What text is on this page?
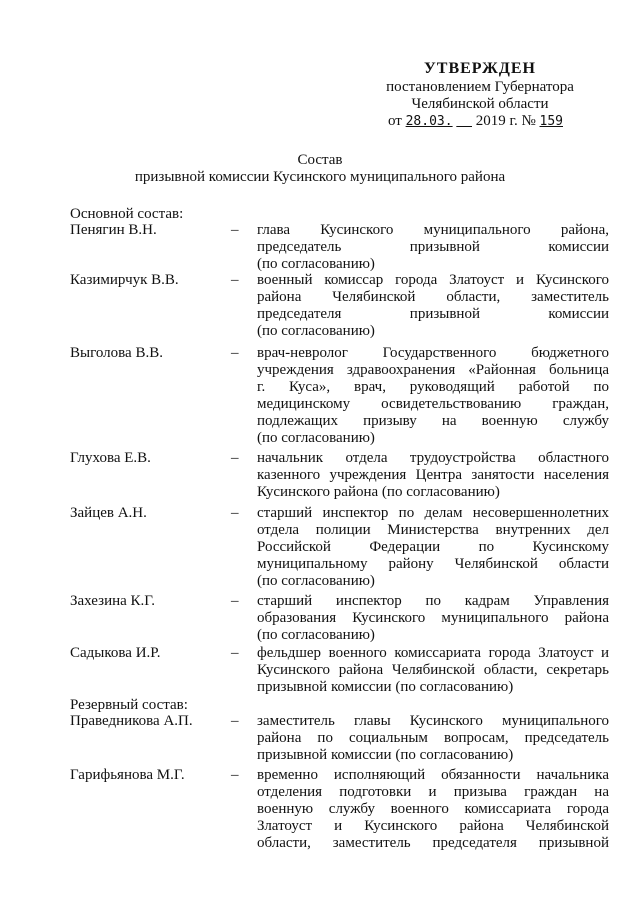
УТВЕРЖДЕН
постановлением Губернатора
Челябинской области
от 28.03. 2019 г. № 159
Состав
призывной комиссии Кусинского муниципального района
Основной состав:
Пенягин В.Н.	– глава Кусинского муниципального района,
председатель призывной комиссии
(по согласованию)
Казимирчук В.В.	– военный комиссар города Златоуст и Кусинского
района Челябинской области, заместитель
председателя призывной комиссии
(по согласованию)
Выголова В.В.	– врач-невролог Государственного бюджетного
учреждения здравоохранения «Районная больница
г. Куса», врач, руководящий работой по
медицинскому освидетельствованию граждан,
подлежащих призыву на военную службу
(по согласованию)
Глухова Е.В.	– начальник отдела трудоустройства областного
казенного учреждения Центра занятости населения
Кусинского района (по согласованию)
Зайцев А.Н.	– старший инспектор по делам несовершеннолетних
отдела полиции Министерства внутренних дел
Российской Федерации по Кусинскому
муниципальному району Челябинской области
(по согласованию)
Захезина К.Г.	– старший инспектор по кадрам Управления
образования Кусинского муниципального района
(по согласованию)
Садыкова И.Р.	– фельдшер военного комиссариата города Златоуст и
Кусинского района Челябинской области, секретарь
призывной комиссии (по согласованию)
Резервный состав:
Праведникова А.П.	– заместитель главы Кусинского муниципального
района по социальным вопросам, председатель
призывной комиссии (по согласованию)
Гарифьянова М.Г.	– временно исполняющий обязанности начальника
отделения подготовки и призыва граждан на
военную службу военного комиссариата города
Златоуст и Кусинского района Челябинской
области, заместитель председателя призывной
